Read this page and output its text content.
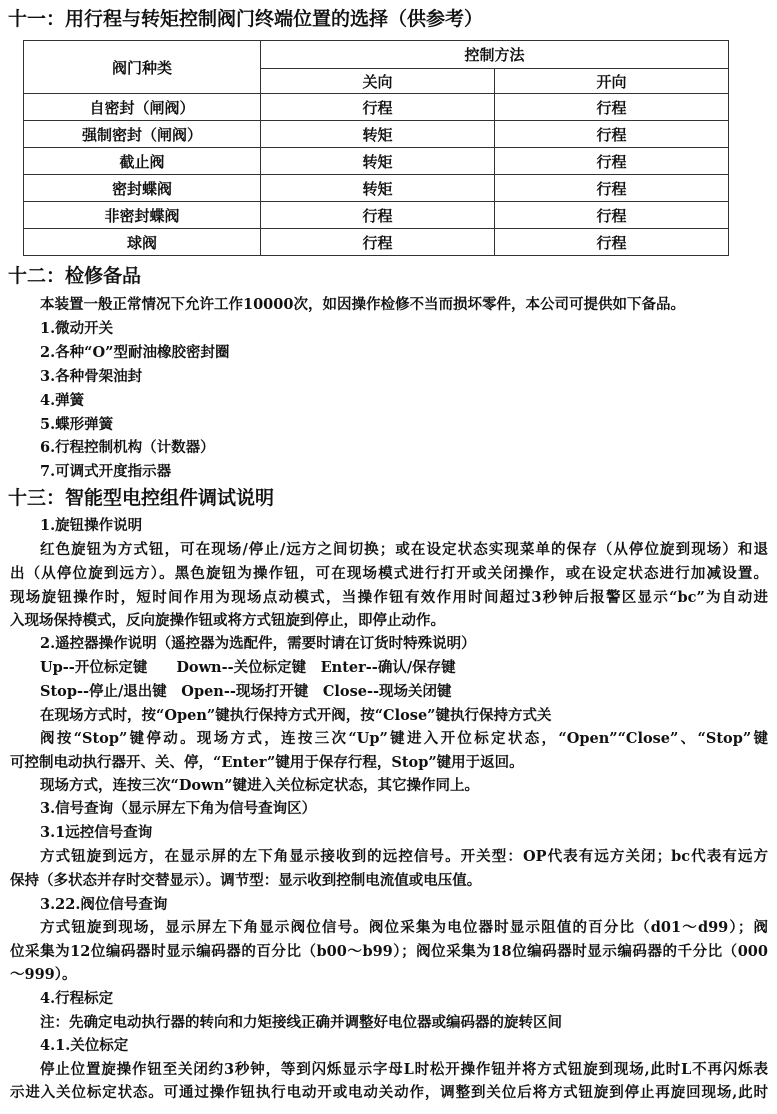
十一：用行程与转矩控制阀门终端位置的选择（供参考）
阀门种类	控制方法	
	关向	开向
自密封（闸阀）	行程	行程
强制密封（闸阀）	转矩	行程
截止阀	转矩	行程
密封蝶阀	转矩	行程
非密封蝶阀	行程	行程
球阀	行程	行程
十二：检修备品

本装置一般正常情况下允许工作10000次，如因操作检修不当而损坏零件，本公司可提供如下备品。

1.微动开关

2.各种“O”型耐油橡胶密封圈

3.各种骨架油封

4.弹簧

5.蝶形弹簧

6.行程控制机构（计数器）

7.可调式开度指示器

十三：智能型电控组件调试说明

1.旋钮操作说明

红色旋钮为方式钮，可在现场/停止/远方之间切换；或在设定状态实现菜单的保存（从停位旋到现场）和退

出（从停位旋到远方）。黑色旋钮为操作钮，可在现场模式进行打开或关闭操作，或在设定状态进行加减设置。

现场旋钮操作时，短时间作用为现场点动模式，当操作钮有效作用时间超过3秒钟后报警区显示“bc”为自动进

入现场保持模式，反向旋操作钮或将方式钮旋到停止，即停止动作。

2.遥控器操作说明（遥控器为选配件，需要时请在订货时特殊说明）

Up--开位标定键　　Down--关位标定键　Enter--确认/保存键

Stop--停止/退出键　Open--现场打开键　Close--现场关闭键

在现场方式时，按“Open”键执行保持方式开阀，按“Close”键执行保持方式关

阀按“Stop”键停动。现场方式，连按三次“Up”键进入开位标定状态，“Open”“Close”、“Stop”键

可控制电动执行器开、关、停，“Enter”键用于保存行程，Stop”键用于返回。

现场方式，连按三次“Down”键进入关位标定状态，其它操作同上。

3.信号查询（显示屏左下角为信号查询区）

3.1远控信号查询

方式钮旋到远方，在显示屏的左下角显示接收到的远控信号。开关型：OP代表有远方关闭；bc代表有远方

保持（多状态并存时交替显示）。调节型：显示收到控制电流值或电压值。

3.22.阀位信号查询

方式钮旋到现场，显示屏左下角显示阀位信号。阀位采集为电位器时显示阻值的百分比（d01～d99）；阀

位采集为12位编码器时显示编码器的百分比（b00～b99）；阀位采集为18位编码器时显示编码器的千分比（000

～999）。

4.行程标定

注：先确定电动执行器的转向和力矩接线正确并调整好电位器或编码器的旋转区间

4.1.关位标定

停止位置旋操作钮至关闭约3秒钟，等到闪烁显示字母L时松开操作钮并将方式钮旋到现场,此时L不再闪烁表

示进入关位标定状态。可通过操作钮执行电动开或电动关动作，调整到关位后将方式钮旋到停止再旋回现场,此时
